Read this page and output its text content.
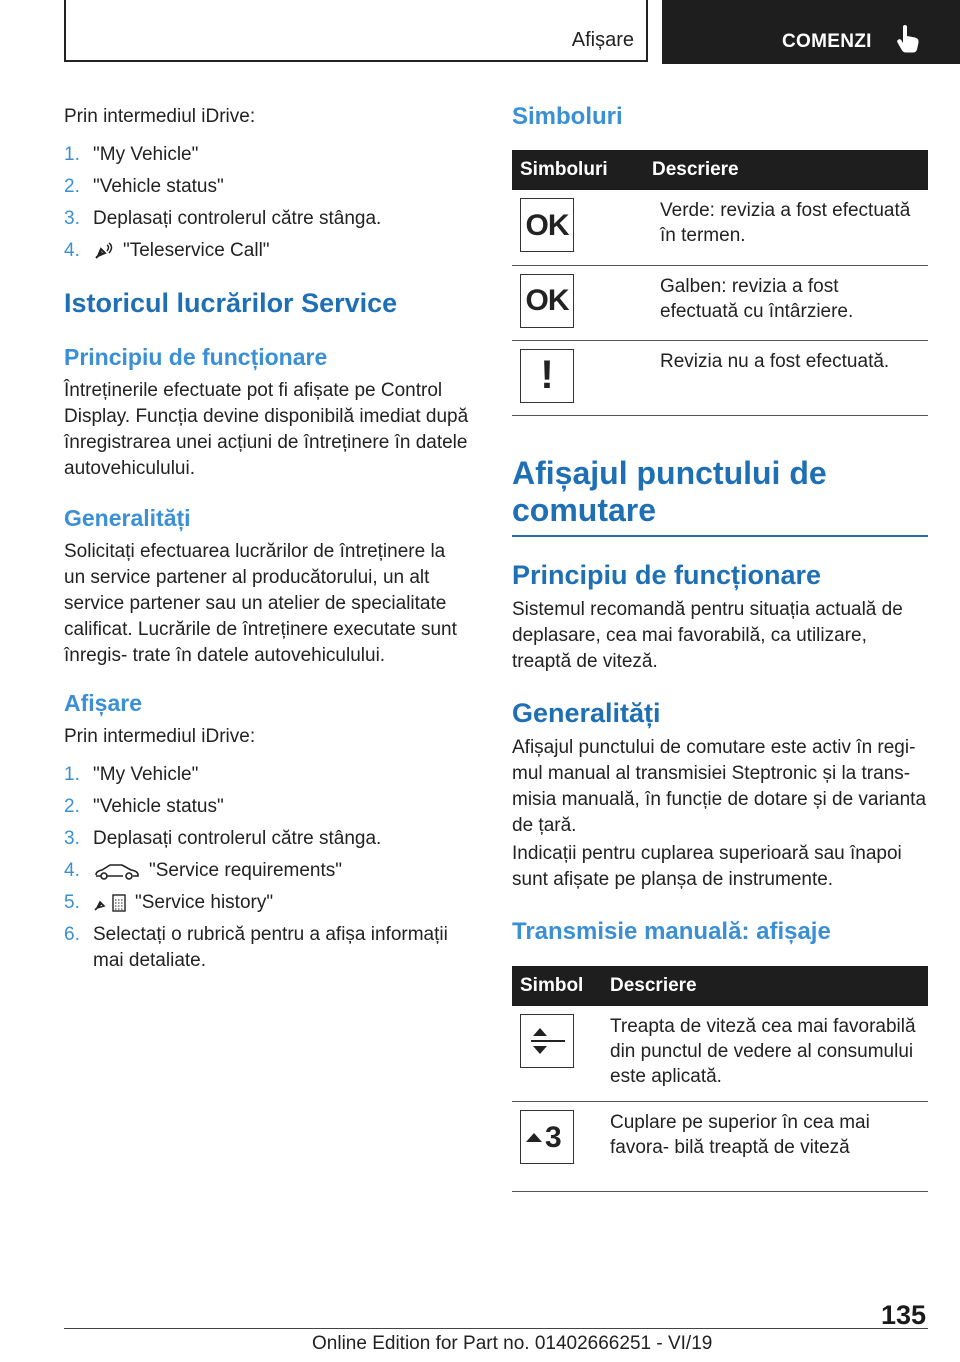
Afișare	COMENZI

Prin intermediul iDrive:

1. "My Vehicle"
2. "Vehicle status"
3. Deplasați controlerul către stânga.
4. "Teleservice Call"
Istoricul lucrărilor Service
Principiu de funcționare

Întreținerile efectuate pot fi afișate pe Control Display. Funcția devine disponibilă imediat după înregistrarea unei acțiuni de întreținere în datele autovehiculului.

Generalități

Solicitați efectuarea lucrărilor de întreținere la un service partener al producătorului, un alt service partener sau un atelier de specialitate calificat. Lucrările de întreținere executate sunt înregis- trate în datele autovehiculului.

Afișare

Prin intermediul iDrive:

1. "My Vehicle"
2. "Vehicle status"
3. Deplasați controlerul către stânga.
4.	"Service requirements"
5.	"Service history"
6. Selectați o rubrică pentru a afișa informații mai detaliate.
Simboluri
Simboluri	Descriere

OK	Verde: revizia a fost efectuată în termen.

OK	Galben: revizia a fost efectuată cu întârziere.

!	Revizia nu a fost efectuată.
Afișajul punctului de comutare
Principiu de funcționare

Sistemul recomandă pentru situația actuală de deplasare, cea mai favorabilă, ca utilizare, treaptă de viteză.

Generalități

Afișajul punctului de comutare este activ în regi- mul manual al transmisiei Steptronic și la trans- misia manuală, în funcție de dotare și de varianta de țară.

Indicații pentru cuplarea superioară sau înapoi sunt afișate pe planșa de instrumente.

Transmisie manuală: afișaje
Simbol	Descriere

	Treapta de viteză cea mai favorabilă din punctul de vedere al consumului este aplicată.

3	Cuplare pe superior în cea mai favora- bilă treaptă de viteză
135
Online Edition for Part no. 01402666251 - VI/19
